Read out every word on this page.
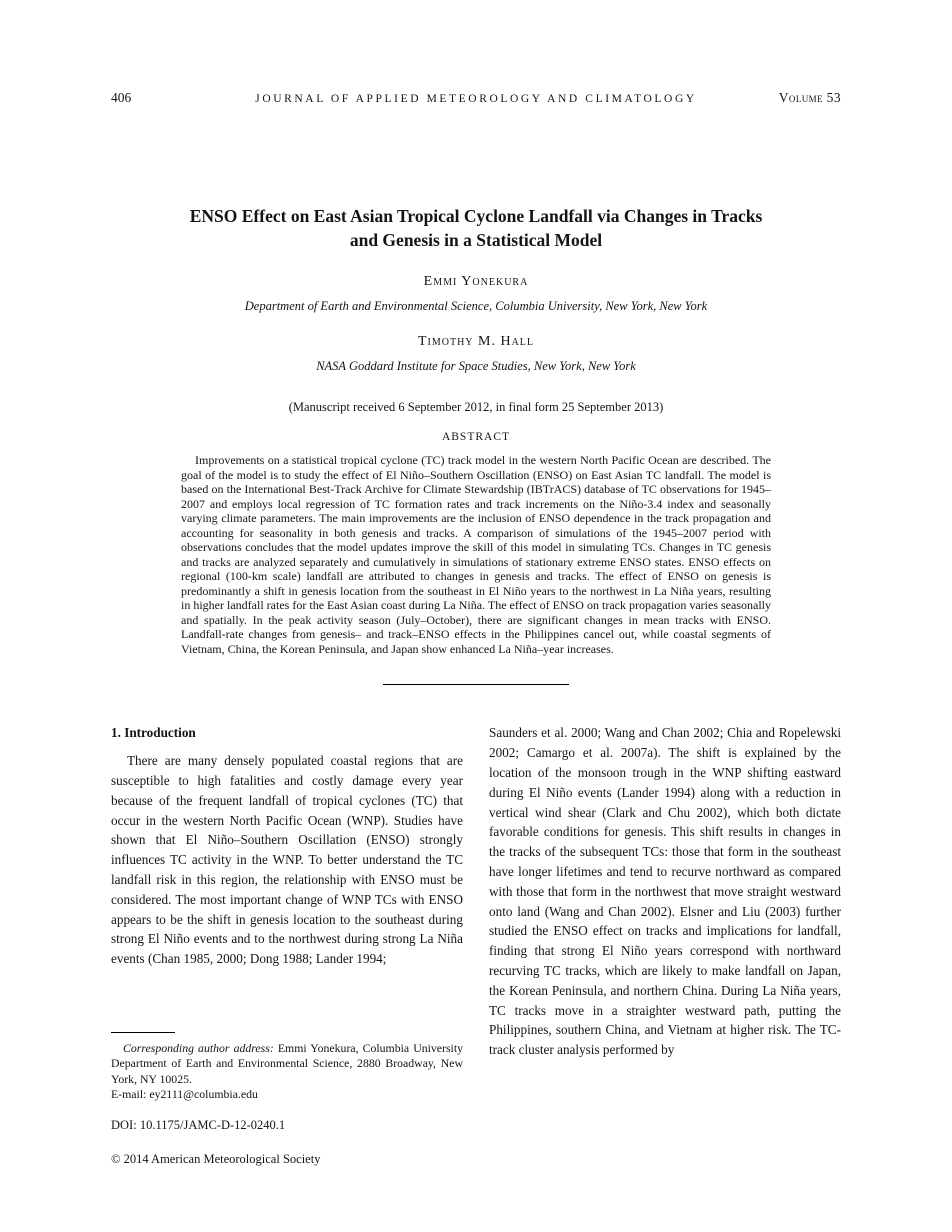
406	JOURNAL OF APPLIED METEOROLOGY AND CLIMATOLOGY	Volume 53
ENSO Effect on East Asian Tropical Cyclone Landfall via Changes in Tracks
and Genesis in a Statistical Model
Emmi Yonekura
Department of Earth and Environmental Science, Columbia University, New York, New York
Timothy M. Hall
NASA Goddard Institute for Space Studies, New York, New York
(Manuscript received 6 September 2012, in final form 25 September 2013)
ABSTRACT
Improvements on a statistical tropical cyclone (TC) track model in the western North Pacific Ocean are described. The goal of the model is to study the effect of El Niño–Southern Oscillation (ENSO) on East Asian TC landfall. The model is based on the International Best-Track Archive for Climate Stewardship (IBTrACS) database of TC observations for 1945–2007 and employs local regression of TC formation rates and track increments on the Niño-3.4 index and seasonally varying climate parameters. The main improvements are the inclusion of ENSO dependence in the track propagation and accounting for seasonality in both genesis and tracks. A comparison of simulations of the 1945–2007 period with observations concludes that the model updates improve the skill of this model in simulating TCs. Changes in TC genesis and tracks are analyzed separately and cumulatively in simulations of stationary extreme ENSO states. ENSO effects on regional (100-km scale) landfall are attributed to changes in genesis and tracks. The effect of ENSO on genesis is predominantly a shift in genesis location from the southeast in El Niño years to the northwest in La Niña years, resulting in higher landfall rates for the East Asian coast during La Niña. The effect of ENSO on track propagation varies seasonally and spatially. In the peak activity season (July–October), there are significant changes in mean tracks with ENSO. Landfall-rate changes from genesis– and track–ENSO effects in the Philippines cancel out, while coastal segments of Vietnam, China, the Korean Peninsula, and Japan show enhanced La Niña–year increases.
1. Introduction

There are many densely populated coastal regions that are susceptible to high fatalities and costly damage every year because of the frequent landfall of tropical cyclones (TC) that occur in the western North Pacific Ocean (WNP). Studies have shown that El Niño–Southern Oscillation (ENSO) strongly influences TC activity in the WNP. To better understand the TC landfall risk in this region, the relationship with ENSO must be considered. The most important change of WNP TCs with ENSO appears to be the shift in genesis location to the southeast during strong El Niño events and to the northwest during strong La Niña events (Chan 1985, 2000; Dong 1988; Lander 1994;

Saunders et al. 2000; Wang and Chan 2002; Chia and Ropelewski 2002; Camargo et al. 2007a). The shift is explained by the location of the monsoon trough in the WNP shifting eastward during El Niño events (Lander 1994) along with a reduction in vertical wind shear (Clark and Chu 2002), which both dictate favorable conditions for genesis. This shift results in changes in the tracks of the subsequent TCs: those that form in the southeast have longer lifetimes and tend to recurve northward as compared with those that form in the northwest that move straight westward onto land (Wang and Chan 2002). Elsner and Liu (2003) further studied the ENSO effect on tracks and implications for landfall, finding that strong El Niño years correspond with northward recurving TC tracks, which are likely to make landfall on Japan, the Korean Peninsula, and northern China. During La Niña years, TC tracks move in a straighter westward path, putting the Philippines, southern China, and Vietnam at higher risk. The TC-track cluster analysis performed by

Corresponding author address: Emmi Yonekura, Columbia University Department of Earth and Environmental Science, 2880 Broadway, New York, NY 10025.
E-mail: ey2111@columbia.edu
DOI: 10.1175/JAMC-D-12-0240.1
© 2014 American Meteorological Society
